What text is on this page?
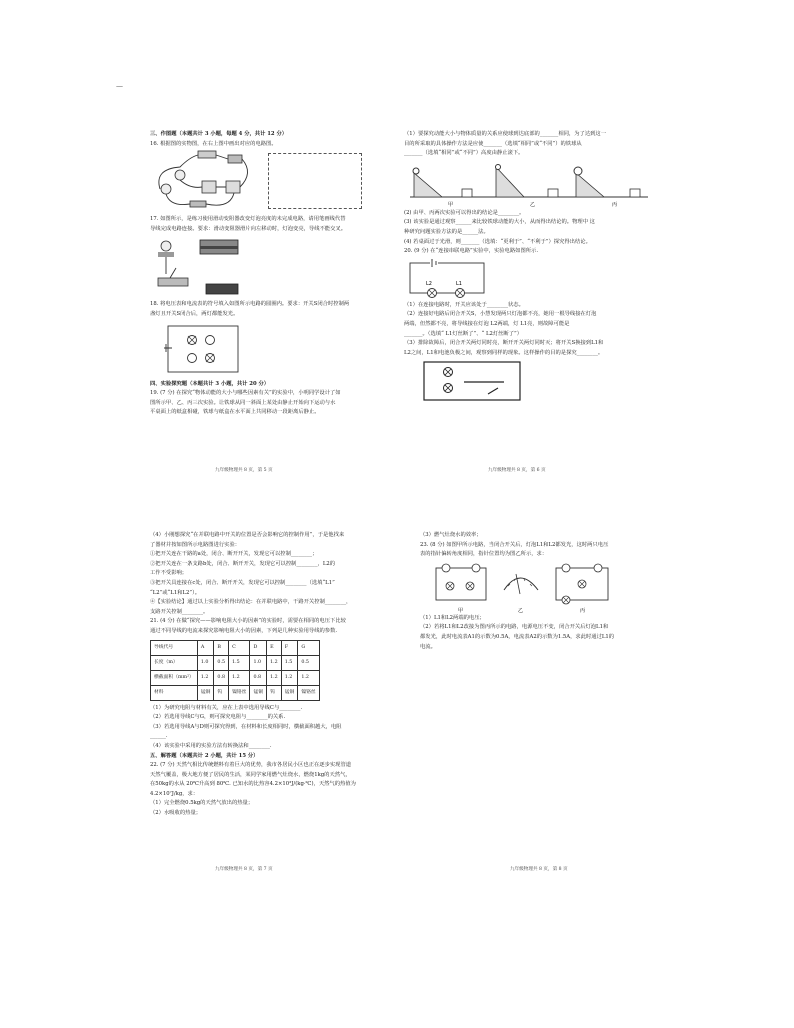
—
三、作图题（本题共计 3 小题，每题 4 分，共计 12 分）
16. 根据图的实物图，在右上图中画出对应的电路图。
17. 如图所示，是练习使用滑动变阻器改变灯泡亮度的未完成电路，请用笔画线代替
导线完成电路连接。要求：滑动变阻器滑片向左移动时，灯泡变亮，导线不能交叉。
18. 将电压表和电流表的符号填入如图所示电路的圆圈内。要求：开关S闭合时控制两
盏灯且开关S闭合后，两灯都能发光。
四、实验探究题（本题共计 3 小题，共计 20 分）
19. (7 分) 在探究“物体动能的大小与哪些因素有关”的实验中，小明同学设计了如
图所示甲、乙、丙三次实验。让铁球从同一斜面上某处由静止开始向下运动与水
平桌面上的纸盒相碰，铁球与纸盒在水平面上共同移动一段距离后静止。
九年级物理共 8 页，第 5 页
（1）要探究动能大小与物体质量的关系应使球到达底部的_______相同，为了达到这一
目的所采取的具体操作方法是应使_______（选填“相同”或“不同”）的铁球从
_______（选填“相同”或“不同”）高度由静止滚下。
甲	乙	丙
(2) 由甲、丙两次实验可以得出的结论是________。
(3) 该实验是通过观察______来比较铁球动能的大小，从而得出结论的。物理中 这
种研究问题实验方法的是______法。
(4) 若桌面过于光滑，则_______（选填：“更利于”、“不利于”）探究得出结论。
20. (9 分) 在“连接串联电路”实验中，实验电路如图所示.
L2	L1
（1）在连接电路时，开关应该处于________状态。
（2）连接好电路后闭合开关S，小慧发现两只灯泡都不亮，她用一根导线接在灯泡
两端，但然都不亮，将导线接在灯泡 L2两端，灯 L1亮，则故障可能是
_______。（选填“ L1灯丝断了”、“ L2灯丝断了”）
（3）排除故障后，闭合开关两灯同时亮，断开开关两灯同时灭；将开关S换接到L1和
L2之间，L1和电池负极之间，观察到同样的现象。这样操作的目的是探究________。
九年级物理共 8 页，第 6 页
（4）小刚想探究“在并联电路中开关的位置是否会影响它的控制作用”，于是他找来
了器材并按如图所示电路图进行实验：
①把开关连在干路的a处，闭合、断开开关，发现它可以控制________；
②把开关连在一条支路b处，闭合、断开开关，发现它可以控制________，L2的
工作不受影响；
③把开关具连接在c处，闭合、断开开关，发现它可以控制________（选填“L1”
“L2”或“L1和L2”）。
④【实验结论】通过以上实验分析得出结论：在并联电路中，干路开关控制________，
支路开关控制________。
21. (4 分) 在做“探究——影响电阻大小的因素”的实验时，需要在相同的电压下比较
通过不同导线的电流来探究影响电阻大小的因素，下列是几种实验用导线的参数.
导线代号	A	B	C	D	E	F	G
长度（m）	1.0	0.5	1.5	1.0	1.2	1.5	0.5
横截面积（mm²）	1.2	0.8	1.2	0.8	1.2	1.2	1.2
材料	锰铜	钨	镍铬丝	锰铜	钨	锰铜	镍铬丝
（1）为研究电阻与材料有关，应在上表中选用导线C与________.
（2）若选用导线C与G，则可探究电阻与________的关系.
（3）若选用导线A与D则可探究得到，在材料和长度相同时，横截面积越大，电阻
______.
（4）该实验中采用的实验方法有转换法和________.
五、解答题（本题共计 2 小题，共计 15 分）
22. (7 分) 天然气相比传统燃料有着巨大的优势，我市各居民小区也正在逐步实现管道
天然气覆盖，极大地方便了居民的生活，某同学家用燃气灶烧水，燃烧1kg的天然气，
在50kg的水从 20℃升高到 80℃. 已知水的比热容4.2×10³J/(kg·℃)，天然气的热值为
4.2×10⁷J/kg，求：
（1）完全燃烧0.5kg的天然气放出的热量；
（2）水吸收的热量；
九年级物理共 8 页，第 7 页
（3）燃气灶烧水的效率；
23. (8 分) 如图甲所示电路，当闭合开关后，灯泡L1和L2都发光，这时两只电压
表的指针偏转角度相同，指针位置均为图乙所示，求：
甲	乙	丙
（1）L1和L2两端的电压；
（2）若将L1和L2改接为图丙所示的电路，电源电压不变，闭合开关后灯泡L1和
都发光，此时电流表A1的示数为0.5A，电流表A2的示数为1.5A，求此时通过L1的
电流。
九年级物理共 8 页，第 8 页
